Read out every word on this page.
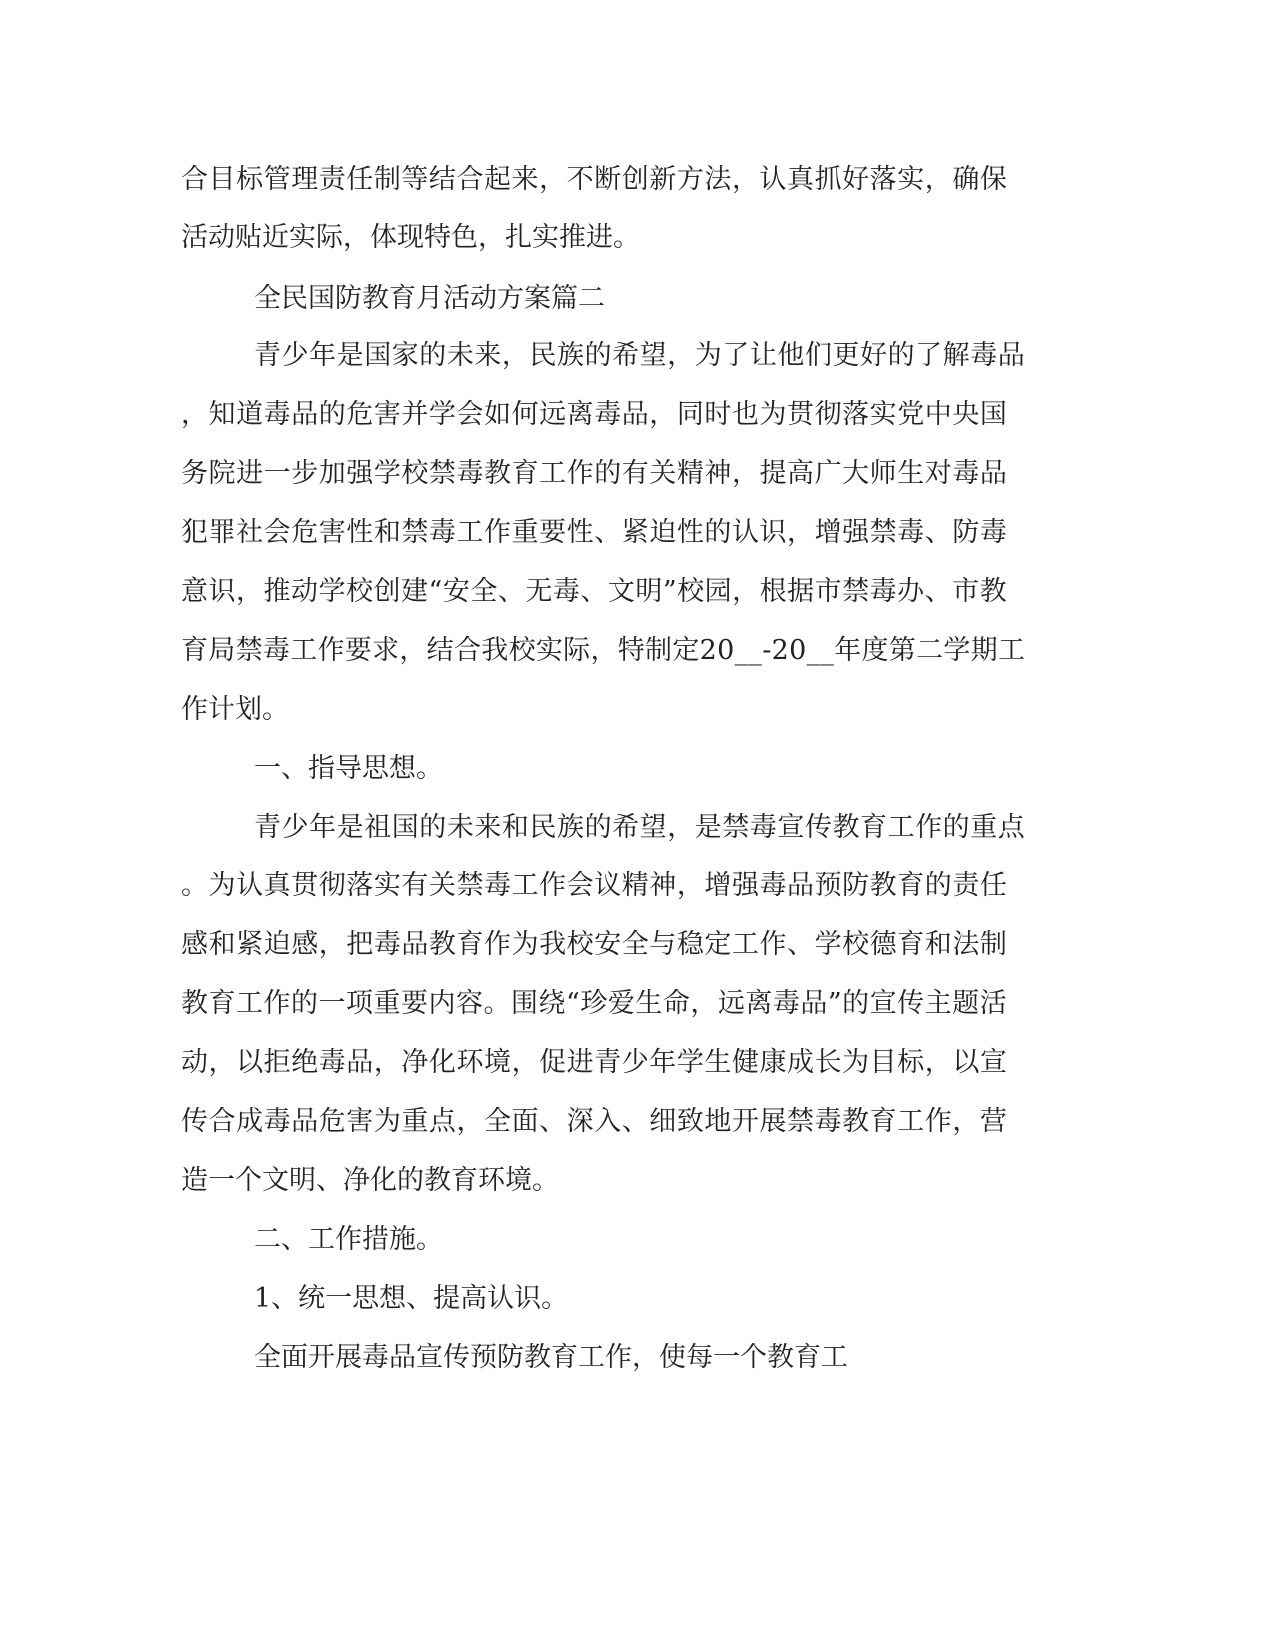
合 目 标 管 理 责 任 制 等 结 合 起 来 ， 不 断 创 新 方 法 ， 认 真 抓 好 落 实 ， 确 保
活动贴近实际，体现特色，扎实推进。
全民国防教育月活动方案篇二
青 少 年 是 国 家 的 未 来 ， 民 族 的 希 望 ， 为 了 让 他 们 更 好 的 了 解 毒 品
， 知 道 毒 品 的 危 害 并 学 会 如 何 远 离 毒 品 ， 同 时 也 为 贯 彻 落 实 党 中 央 国
务 院 进 一 步 加 强 学 校 禁 毒 教 育 工 作 的 有 关 精 神 ， 提 高 广 大 师 生 对 毒 品
犯 罪 社 会 危 害 性 和 禁 毒 工 作 重 要 性 、 紧 迫 性 的 认 识 ， 增 强 禁 毒 、 防 毒
意 识 ， 推 动 学 校 创 建 “ 安 全 、 无 毒 、 文 明 ” 校 园 ， 根 据 市 禁 毒 办 、 市 教
育 局 禁 毒 工 作 要 求 ， 结 合 我 校 实 际 ， 特 制 定 2 0 _ _ - 2 0 _ _ 年 度 第 二 学 期 工
作计划。
一、指导思想。
青 少 年 是 祖 国 的 未 来 和 民 族 的 希 望 ， 是 禁 毒 宣 传 教 育 工 作 的 重 点
。 为 认 真 贯 彻 落 实 有 关 禁 毒 工 作 会 议 精 神 ， 增 强 毒 品 预 防 教 育 的 责 任
感 和 紧 迫 感 ， 把 毒 品 教 育 作 为 我 校 安 全 与 稳 定 工 作 、 学 校 德 育 和 法 制
教 育 工 作 的 一 项 重 要 内 容 。 围 绕 “ 珍 爱 生 命 ， 远 离 毒 品 ” 的 宣 传 主 题 活
动 ， 以 拒 绝 毒 品 ， 净 化 环 境 ， 促 进 青 少 年 学 生 健 康 成 长 为 目 标 ， 以 宣
传 合 成 毒 品 危 害 为 重 点 ， 全 面 、 深 入 、 细 致 地 开 展 禁 毒 教 育 工 作 ， 营
造一个文明、净化的教育环境。
二、工作措施。
1、统一思想、提高认识。
全面开展毒品宣传预防教育工作，使每一个教育工
